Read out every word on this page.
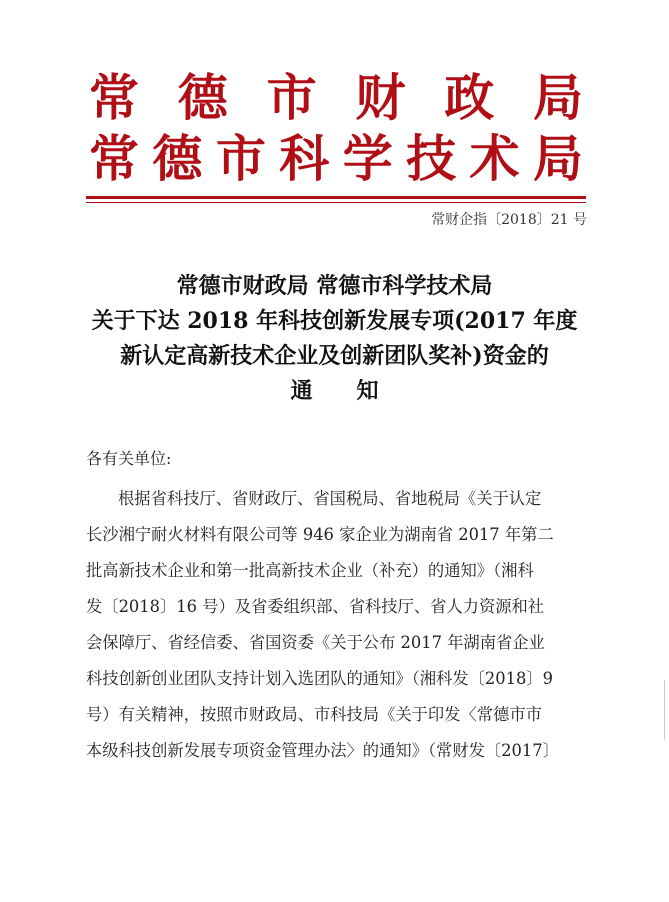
常 德 市 财 政 局
常 德 市 科 学 技 术 局
常财企指〔2018〕21 号
常德市财政局 常德市科学技术局
关于下达 2018 年科技创新发展专项(2017 年度
新认定高新技术企业及创新团队奖补)资金的
通知
各有关单位:
根据省科技厅、省财政厅、省国税局、省地税局《关于认定
长沙湘宁耐火材料有限公司等 946 家企业为湖南省 2017 年第二
批高新技术企业和第一批高新技术企业（补充）的通知》（湘科
发〔2018〕16 号）及省委组织部、省科技厅、省人力资源和社
会保障厅、省经信委、省国资委《关于公布 2017 年湖南省企业
科技创新创业团队支持计划入选团队的通知》（湘科发〔2018〕9
号）有关精神，按照市财政局、市科技局《关于印发〈常德市市
本级科技创新发展专项资金管理办法〉的通知》（常财发〔2017〕
